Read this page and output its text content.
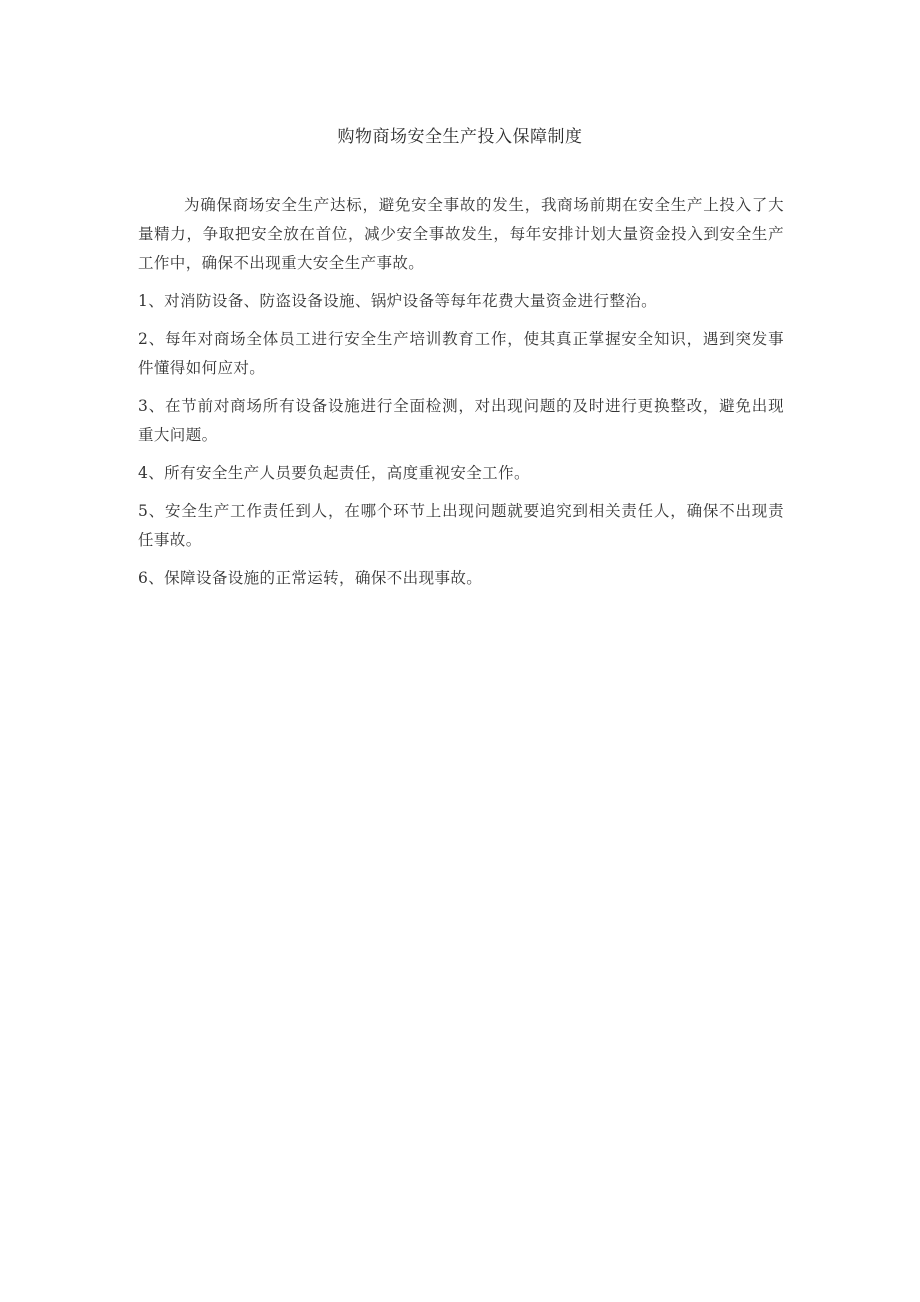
购物商场安全生产投入保障制度

为确保商场安全生产达标，避免安全事故的发生，我商场前期在安全生产上投入了大量精力，争取把安全放在首位，减少安全事故发生，每年安排计划大量资金投入到安全生产工作中，确保不出现重大安全生产事故。

1、对消防设备、防盗设备设施、锅炉设备等每年花费大量资金进行整治。

2、每年对商场全体员工进行安全生产培训教育工作，使其真正掌握安全知识，遇到突发事件懂得如何应对。

3、在节前对商场所有设备设施进行全面检测，对出现问题的及时进行更换整改，避免出现重大问题。

4、所有安全生产人员要负起责任，高度重视安全工作。

5、安全生产工作责任到人，在哪个环节上出现问题就要追究到相关责任人，确保不出现责任事故。

6、保障设备设施的正常运转，确保不出现事故。
